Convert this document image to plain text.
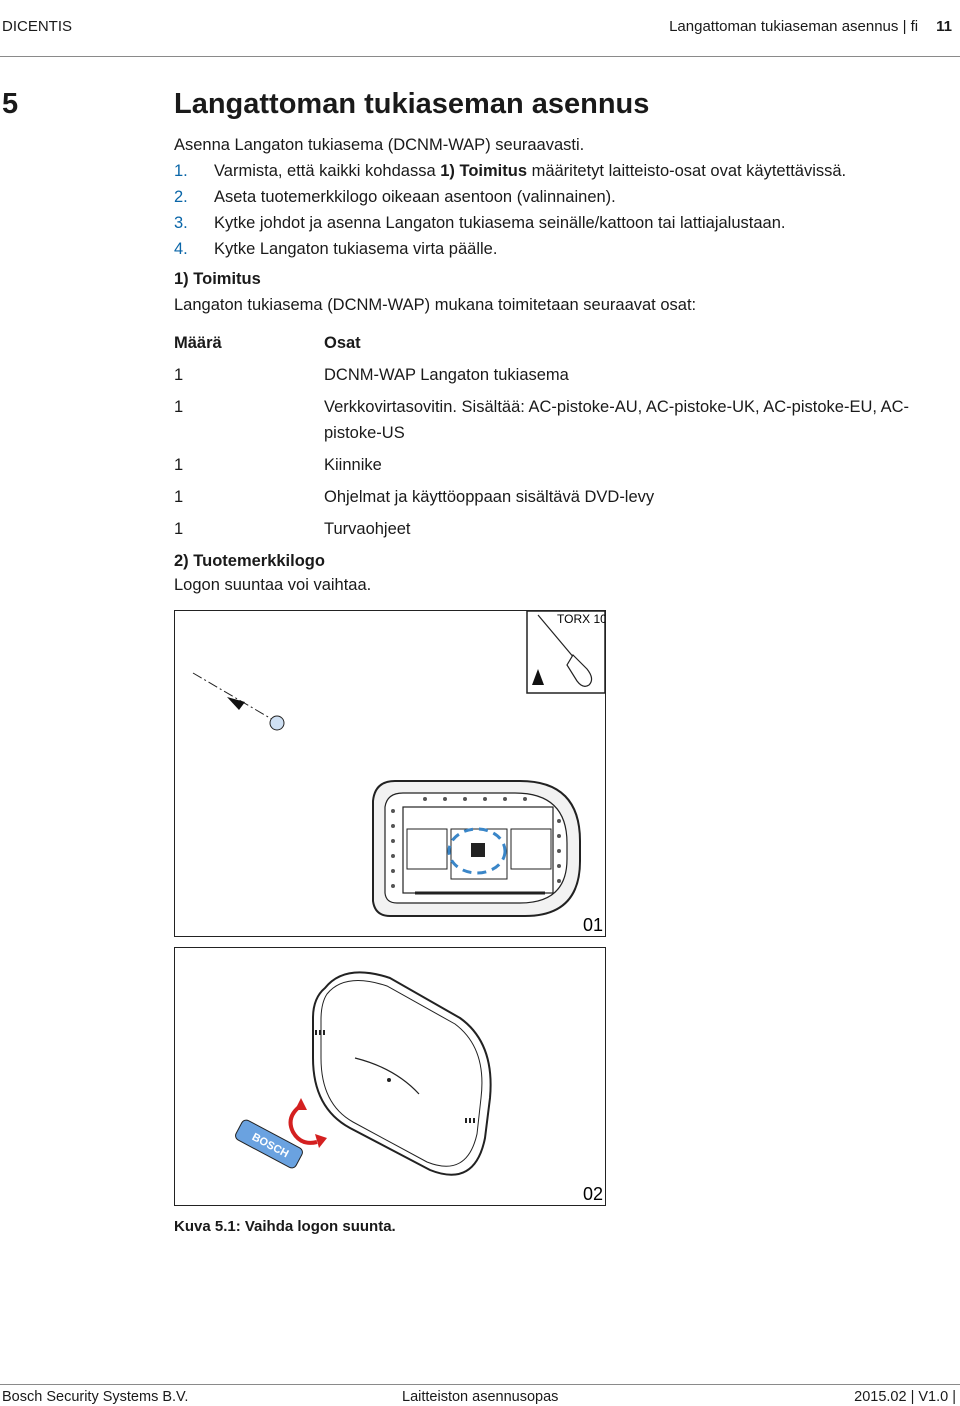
DICENTIS	Langattoman tukiaseman asennus | fi 11
5	Langattoman tukiaseman asennus
Asenna Langaton tukiasema (DCNM-WAP) seuraavasti.
1. Varmista, että kaikki kohdassa 1) Toimitus määritetyt laitteisto-osat ovat käytettävissä.
2. Aseta tuotemerkkilogo oikeaan asentoon (valinnainen).
3. Kytke johdot ja asenna Langaton tukiasema seinälle/kattoon tai lattiajalustaan.
4. Kytke Langaton tukiasema virta päälle.
1) Toimitus
Langaton tukiasema (DCNM-WAP) mukana toimitetaan seuraavat osat:
Määrä	Osat
1	DCNM-WAP Langaton tukiasema
1	Verkkovirtasovitin. Sisältää: AC-pistoke-AU, AC-pistoke-UK, AC-pistoke-EU, AC-pistoke-US
1	Kiinnike
1	Ohjelmat ja käyttöoppaan sisältävä DVD-levy
1	Turvaohjeet
2) Tuotemerkkilogo
Logon suuntaa voi vaihtaa.
TORX 10
01
BOSCH
02
Kuva 5.1: Vaihda logon suunta.
Bosch Security Systems B.V.	Laitteiston asennusopas	2015.02 | V1.0 |
